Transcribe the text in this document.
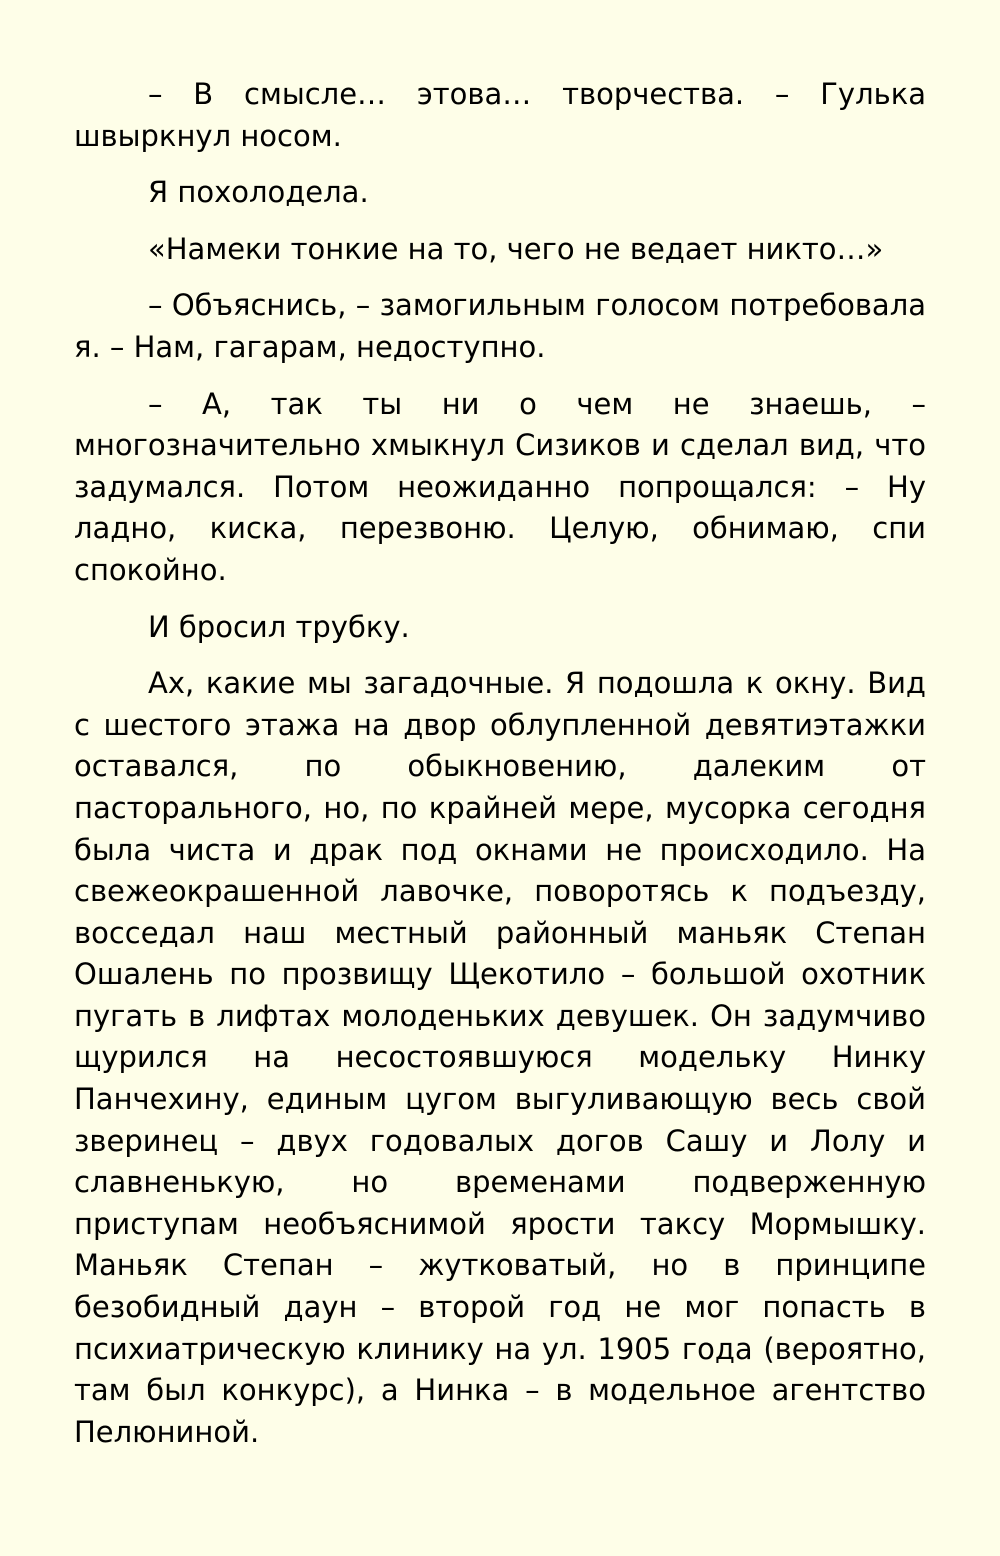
– В смысле… этова… творчества. – Гулька швыркнул носом.

Я похолодела.

«Намеки тонкие на то, чего не ведает никто…»

– Объяснись, – замогильным голосом потребовала я. – Нам, гагарам, недоступно.

– А, так ты ни о чем не знаешь, – многозначительно хмыкнул Сизиков и сделал вид, что задумался. Потом неожиданно попрощался: – Ну ладно, киска, перезвоню. Целую, обнимаю, спи спокойно.

И бросил трубку.

Ах, какие мы загадочные. Я подошла к окну. Вид с шестого этажа на двор облупленной девятиэтажки оставался, по обыкновению, далеким от пасторального, но, по крайней мере, мусорка сегодня была чиста и драк под окнами не происходило. На свежеокрашенной лавочке, поворотясь к подъезду, восседал наш местный районный маньяк Степан Ошалень по прозвищу Щекотило – большой охотник пугать в лифтах молоденьких девушек. Он задумчиво щурился на несостоявшуюся модельку Нинку Панчехину, единым цугом выгуливающую весь свой зверинец – двух годовалых догов Сашу и Лолу и славненькую, но временами подверженную приступам необъяснимой ярости таксу Мормышку. Маньяк Степан – жутковатый, но в принципе безобидный даун – второй год не мог попасть в психиатрическую клинику на ул. 1905 года (вероятно, там был конкурс), а Нинка – в модельное агентство Пелюниной.
